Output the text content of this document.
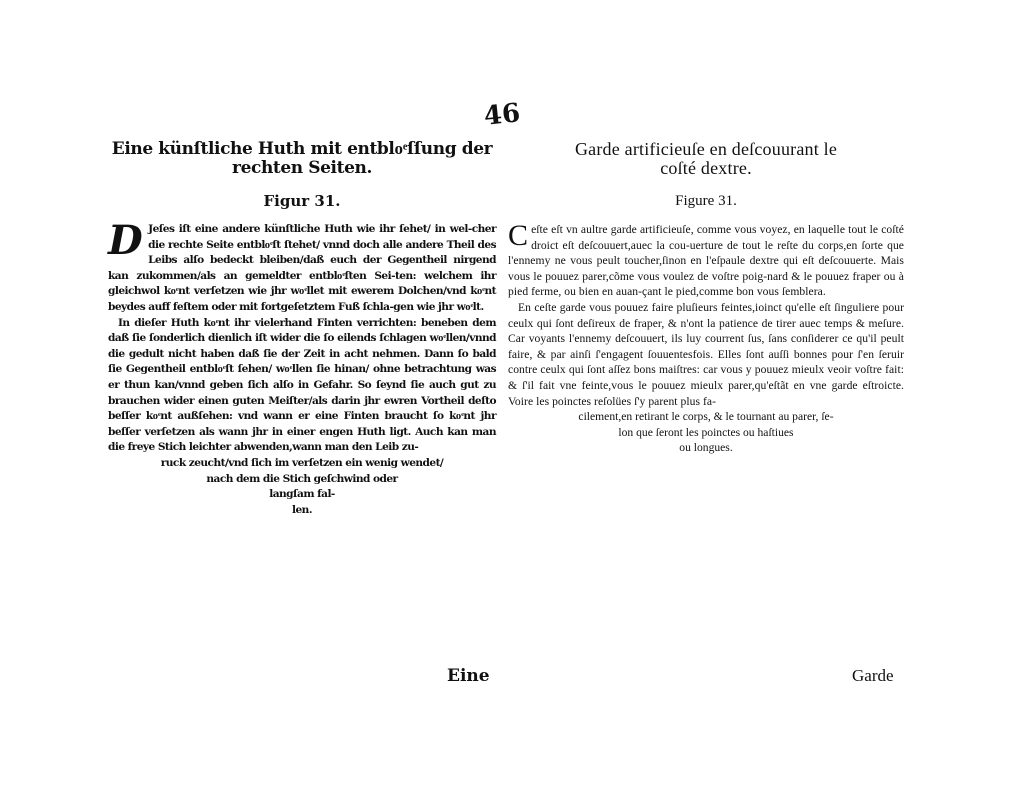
46

Eine künſtliche Huth mit entbloͤſſung der rechten Seiten.

Figur 31.

D Jeſes iſt eine andere künſtliche Huth wie ihr ſehet/ in wel-cher die rechte Seite entbloͤſt ſtehet/ vnnd doch alle andere Theil des Leibs alſo bedeckt bleiben/daß euch der Gegentheil nirgend kan zukommen/als an gemeldter entbloͤſten Sei-ten: welchem ihr gleichwol koͤnt verſetzen wie jhr woͤllet mit ewerem Dolchen/vnd koͤnt beydes auff feſtem oder mit fortgeſetztem Fuß ſchla-gen wie jhr woͤlt.

In dieſer Huth koͤnt ihr vielerhand Finten verrichten: beneben dem daß ſie ſonderlich dienlich iſt wider die ſo eilends ſchlagen woͤllen/vnnd die gedult nicht haben daß ſie der Zeit in acht nehmen. Dann ſo bald ſie Gegentheil entbloͤſt ſehen/ woͤllen ſie hinan/ ohne betrachtung was er thun kan/vnnd geben ſich alſo in Gefahr. So ſeynd ſie auch gut zu brauchen wider einen guten Meiſter/als darin jhr ewren Vortheil deſto beſſer koͤnt außſehen: vnd wann er eine Finten braucht ſo koͤnt jhr beſſer verſetzen als wann jhr in einer engen Huth ligt. Auch kan man die freye Stich leichter abwenden,wann man den Leib zu-

ruck zeucht/vnd ſich im verſetzen ein wenig wendet/

nach dem die Stich geſchwind oder

langſam fal-

len.

Garde artificieuſe en deſcouurant le
coſté dextre.

Figure 31.

Ceſte eſt vn aultre garde artificieuſe, comme vous voyez, en laquelle tout le coſté droict eſt deſcouuert,auec la cou-uerture de tout le reſte du corps,en ſorte que l'ennemy ne vous peult toucher,ſinon en l'eſpaule dextre qui eſt deſcouuerte. Mais vous le pouuez parer,cõme vous voulez de voſtre poig-nard & le pouuez fraper ou à pied ferme, ou bien en auan-çant le pied,comme bon vous ſemblera.

En ceſte garde vous pouuez faire pluſieurs feintes,ioinct qu'elle eſt ſinguliere pour ceulx qui ſont deſireux de fraper, & n'ont la patience de tirer auec temps & meſure. Car voyants l'ennemy deſcouuert, ils luy courrent ſus, ſans conſiderer ce qu'il peult faire, & par ainſi ſ'engagent ſouuentesfois. Elles ſont auſſi bonnes pour ſ'en ſeruir contre ceulx qui ſont aſſez bons maiſtres: car vous y pouuez mieulx veoir voſtre fait: & ſ'il fait vne feinte,vous le pouuez mieulx parer,qu'eſtãt en vne garde eſtroicte. Voire les poinctes reſolües ſ'y parent plus fa-

cilement,en retirant le corps, & le tournant au parer, ſe-

lon que ſeront les poinctes ou haſtiues

ou longues.

Eine	Garde
